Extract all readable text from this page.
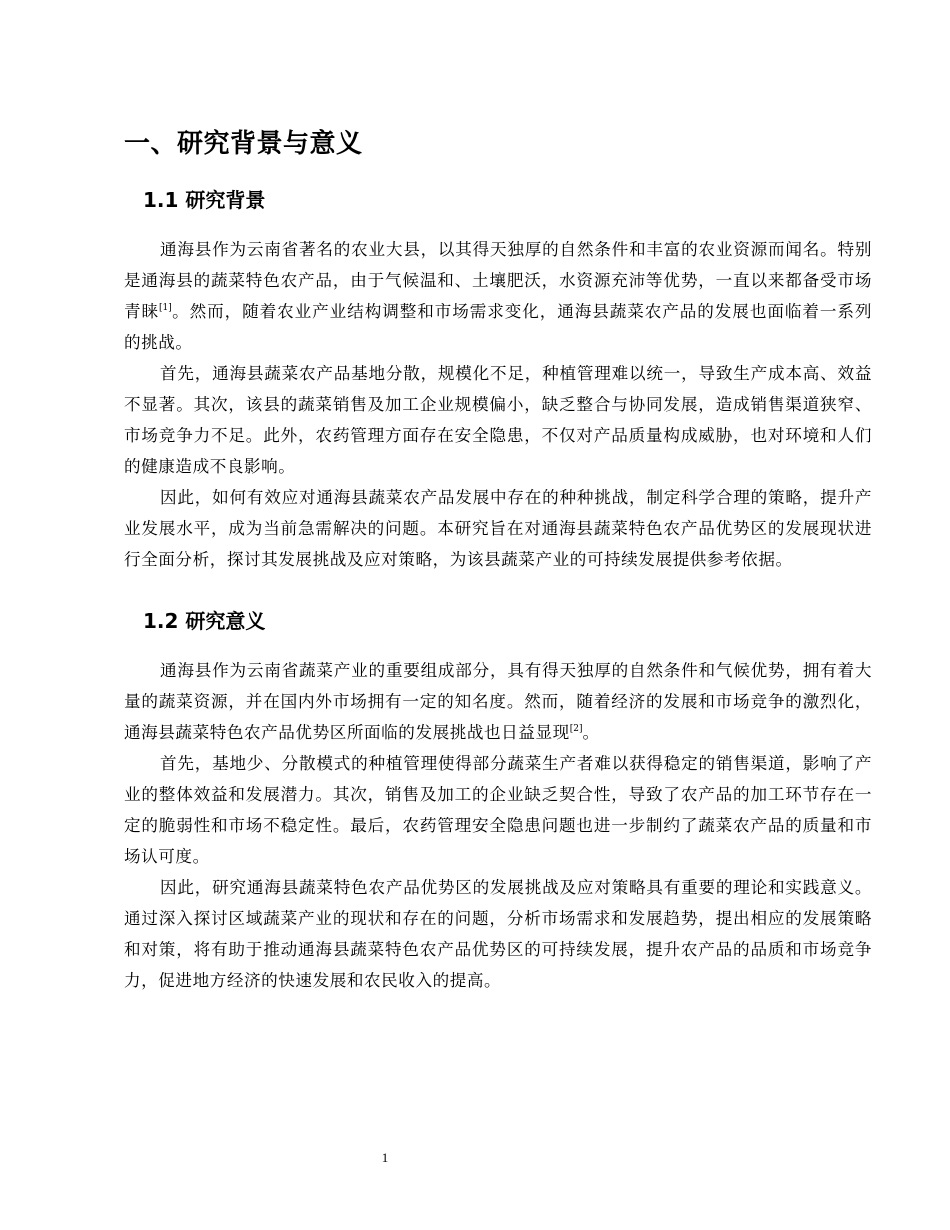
一、研究背景与意义
1.1 研究背景

通海县作为云南省著名的农业大县，以其得天独厚的自然条件和丰富的农业资源而闻名。特别是通海县的蔬菜特色农产品，由于气候温和、土壤肥沃，水资源充沛等优势，一直以来都备受市场青睐[1]。然而，随着农业产业结构调整和市场需求变化，通海县蔬菜农产品的发展也面临着一系列的挑战。

首先，通海县蔬菜农产品基地分散，规模化不足，种植管理难以统一，导致生产成本高、效益不显著。其次，该县的蔬菜销售及加工企业规模偏小，缺乏整合与协同发展，造成销售渠道狭窄、市场竞争力不足。此外，农药管理方面存在安全隐患，不仅对产品质量构成威胁，也对环境和人们的健康造成不良影响。

因此，如何有效应对通海县蔬菜农产品发展中存在的种种挑战，制定科学合理的策略，提升产业发展水平，成为当前急需解决的问题。本研究旨在对通海县蔬菜特色农产品优势区的发展现状进行全面分析，探讨其发展挑战及应对策略，为该县蔬菜产业的可持续发展提供参考依据。

1.2 研究意义

通海县作为云南省蔬菜产业的重要组成部分，具有得天独厚的自然条件和气候优势，拥有着大量的蔬菜资源，并在国内外市场拥有一定的知名度。然而，随着经济的发展和市场竞争的激烈化，通海县蔬菜特色农产品优势区所面临的发展挑战也日益显现[2]。

首先，基地少、分散模式的种植管理使得部分蔬菜生产者难以获得稳定的销售渠道，影响了产业的整体效益和发展潜力。其次，销售及加工的企业缺乏契合性，导致了农产品的加工环节存在一定的脆弱性和市场不稳定性。最后，农药管理安全隐患问题也进一步制约了蔬菜农产品的质量和市场认可度。

因此，研究通海县蔬菜特色农产品优势区的发展挑战及应对策略具有重要的理论和实践意义。通过深入探讨区域蔬菜产业的现状和存在的问题，分析市场需求和发展趋势，提出相应的发展策略和对策，将有助于推动通海县蔬菜特色农产品优势区的可持续发展，提升农产品的品质和市场竞争力，促进地方经济的快速发展和农民收入的提高。

1
